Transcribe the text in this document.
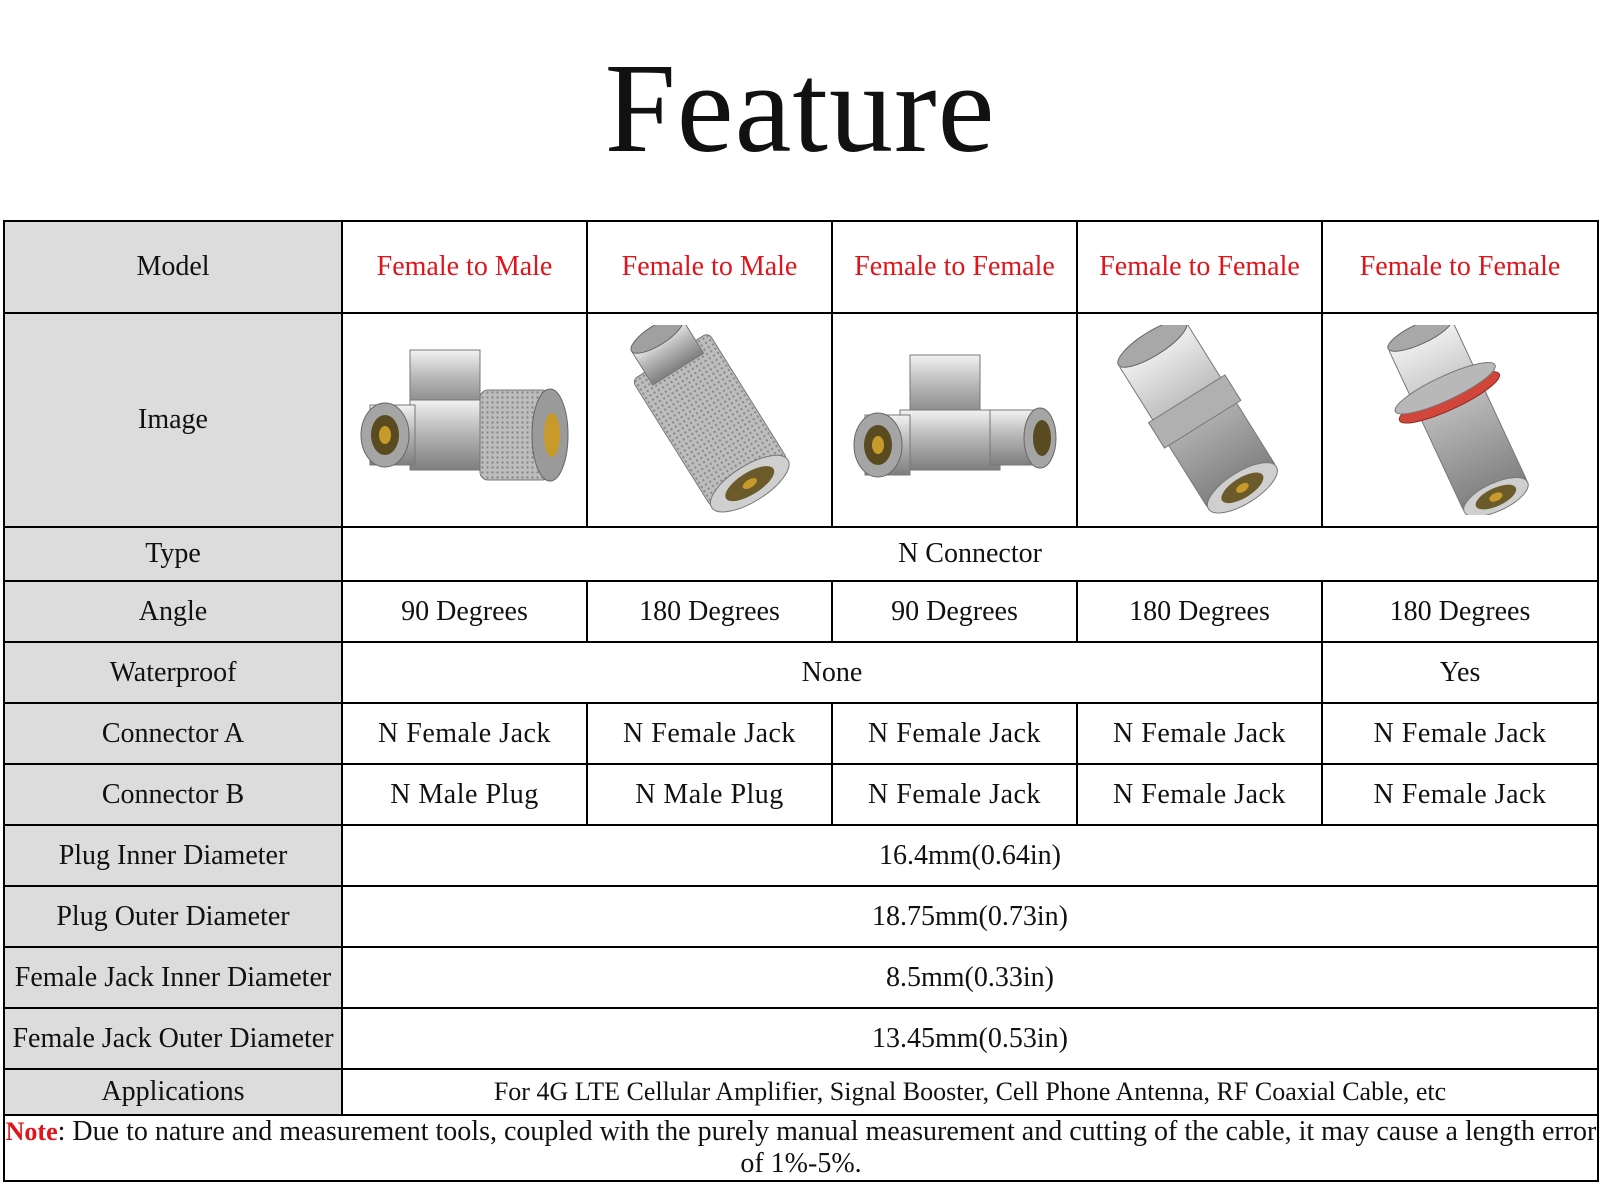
Feature
Model	Female to Male	Female to Male	Female to Female	Female to Female	Female to Female
Image	

Type	N Connector				
Angle	90 Degrees	180 Degrees	90 Degrees	180 Degrees	180 Degrees
Waterproof	None				Yes
Connector A	N Female Jack	N Female Jack	N Female Jack	N Female Jack	N Female Jack
Connector B	N Male Plug	N Male Plug	N Female Jack	N Female Jack	N Female Jack
Plug Inner Diameter	16.4mm(0.64in)				
Plug Outer Diameter	18.75mm(0.73in)				
Female Jack Inner Diameter	8.5mm(0.33in)				
Female Jack Outer Diameter	13.45mm(0.53in)				
Applications	For 4G LTE Cellular Amplifier, Signal Booster, Cell Phone Antenna, RF Coaxial Cable, etc				
Note: Due to nature and measurement tools, coupled with the purely manual measurement and cutting of the cable, it may cause a length error of 1%-5%.					
